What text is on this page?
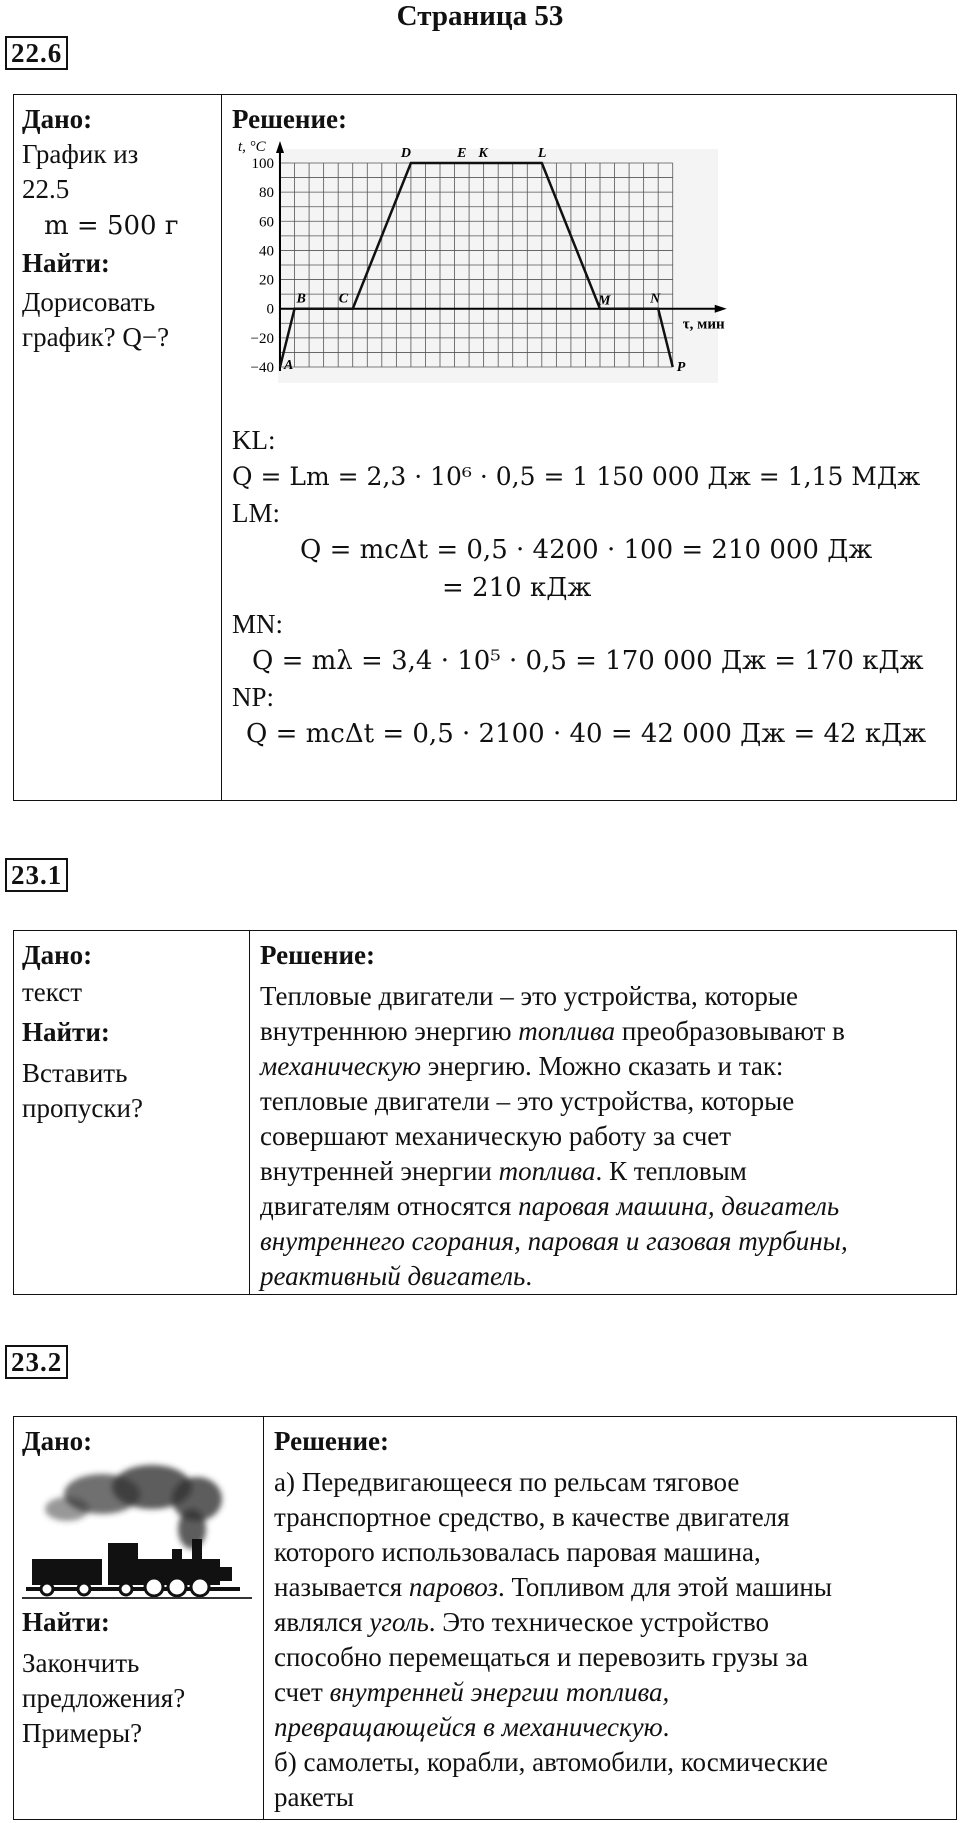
Страница 53
22.6
Дано:
График из
22.5
m = 500 г
Найти:
Дорисовать
график? Q−?
Решение:
100
80
60
40
20
0
−20
−40
t, °C
τ, мин
A
B C
D	E K	L
M	N
P
KL:
Q = Lm = 2,3 · 10⁶ · 0,5 = 1 150 000 Дж = 1,15 МДж
LM:
Q = mcΔt = 0,5 · 4200 · 100 = 210 000 Дж
= 210 кДж
MN:
Q = mλ = 3,4 · 10⁵ · 0,5 = 170 000 Дж = 170 кДж
NP:
Q = mcΔt = 0,5 · 2100 · 40 = 42 000 Дж = 42 кДж
23.1
Дано:
текст
Найти:
Вставить
пропуски?
Решение:
Тепловые двигатели – это устройства, которые
внутреннюю энергию топлива преобразовывают в
механическую энергию. Можно сказать и так:
тепловые двигатели – это устройства, которые
совершают механическую работу за счет
внутренней энергии топлива. К тепловым
двигателям относятся паровая машина, двигатель
внутреннего сгорания, паровая и газовая турбины,
реактивный двигатель.
23.2
Дано:
Найти:
Закончить
предложения?
Примеры?
Решение:
а) Передвигающееся по рельсам тяговое
транспортное средство, в качестве двигателя
которого использовалась паровая машина,
называется паровоз. Топливом для этой машины
являлся уголь. Это техническое устройство
способно перемещаться и перевозить грузы за
счет внутренней энергии топлива,
превращающейся в механическую.
б) самолеты, корабли, автомобили, космические
ракеты
